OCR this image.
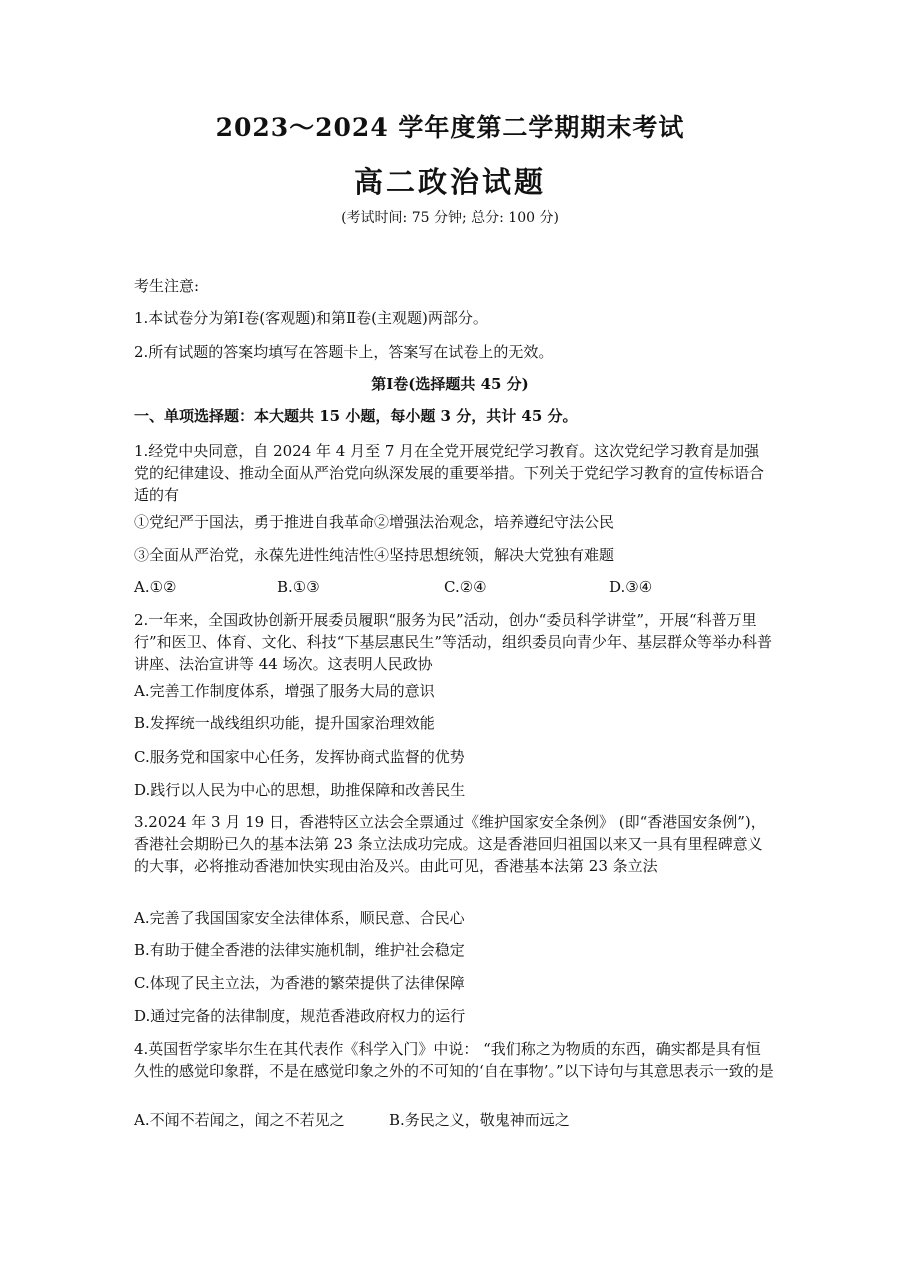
2023～2024 学年度第二学期期末考试
高二政治试题
(考试时间: 75 分钟; 总分: 100 分)
考生注意:
1.本试卷分为第Ⅰ卷(客观题)和第Ⅱ卷(主观题)两部分。
2.所有试题的答案均填写在答题卡上，答案写在试卷上的无效。
第Ⅰ卷(选择题共 45 分)
一、单项选择题：本大题共 15 小题，每小题 3 分，共计 45 分。
1.经党中央同意，自 2024 年 4 月至 7 月在全党开展党纪学习教育。这次党纪学习教育是加强党的纪律建设、推动全面从严治党向纵深发展的重要举措。下列关于党纪学习教育的宣传标语合适的有
①党纪严于国法，勇于推进自我革命②增强法治观念，培养遵纪守法公民
③全面从严治党，永葆先进性纯洁性④坚持思想统领，解决大党独有难题
A.①②	B.①③	C.②④	D.③④
2.一年来，全国政协创新开展委员履职“服务为民”活动，创办“委员科学讲堂”，开展“科普万里行”和医卫、体育、文化、科技“下基层惠民生”等活动，组织委员向青少年、基层群众等举办科普讲座、法治宣讲等 44 场次。这表明人民政协
A.完善工作制度体系，增强了服务大局的意识
B.发挥统一战线组织功能，提升国家治理效能
C.服务党和国家中心任务，发挥协商式监督的优势
D.践行以人民为中心的思想，助推保障和改善民生
3.2024 年 3 月 19 日，香港特区立法会全票通过《维护国家安全条例》 (即“香港国安条例”)，香港社会期盼已久的基本法第 23 条立法成功完成。这是香港回归祖国以来又一具有里程碑意义的大事，必将推动香港加快实现由治及兴。由此可见，香港基本法第 23 条立法
A.完善了我国国家安全法律体系，顺民意、合民心
B.有助于健全香港的法律实施机制，维护社会稳定
C.体现了民主立法，为香港的繁荣提供了法律保障
D.通过完备的法律制度，规范香港政府权力的运行
4.英国哲学家毕尔生在其代表作《科学入门》中说： “我们称之为物质的东西，确实都是具有恒久性的感觉印象群，不是在感觉印象之外的不可知的‘自在事物’。”以下诗句与其意思表示一致的是
A.不闻不若闻之，闻之不若见之	B.务民之义，敬鬼神而远之
